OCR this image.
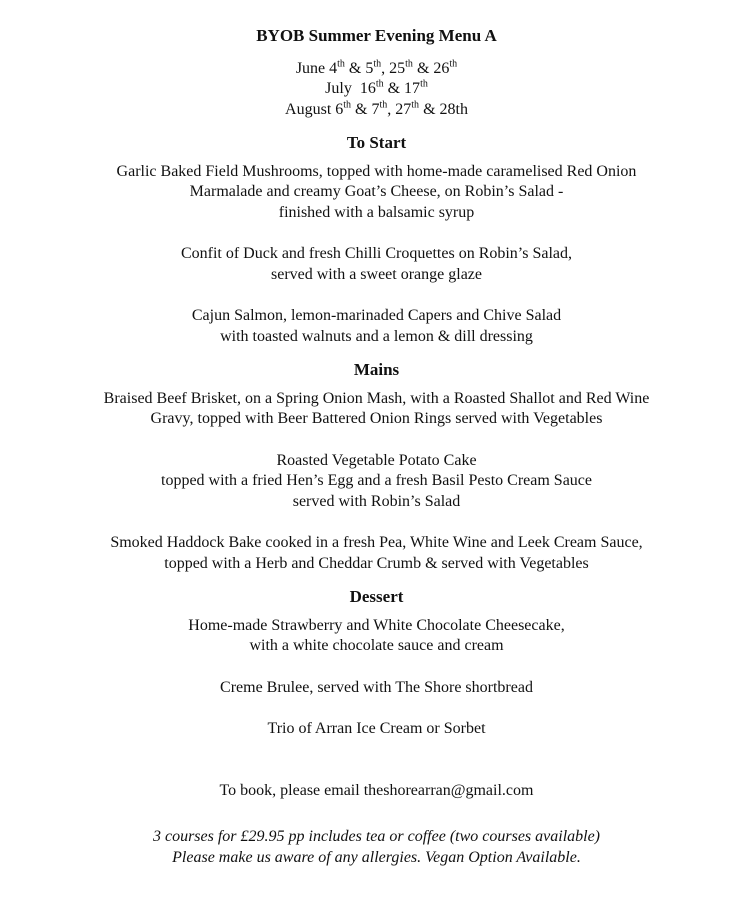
BYOB Summer Evening Menu A
June 4th & 5th, 25th & 26th
July  16th & 17th
August 6th & 7th, 27th & 28th
To Start
Garlic Baked Field Mushrooms, topped with home-made caramelised Red Onion
Marmalade and creamy Goat’s Cheese, on Robin’s Salad -
finished with a balsamic syrup
Confit of Duck and fresh Chilli Croquettes on Robin’s Salad,
served with a sweet orange glaze
Cajun Salmon, lemon-marinaded Capers and Chive Salad
with toasted walnuts and a lemon & dill dressing
Mains
Braised Beef Brisket, on a Spring Onion Mash, with a Roasted Shallot and Red Wine
Gravy, topped with Beer Battered Onion Rings served with Vegetables
Roasted Vegetable Potato Cake
topped with a fried Hen’s Egg and a fresh Basil Pesto Cream Sauce
served with Robin’s Salad
Smoked Haddock Bake cooked in a fresh Pea, White Wine and Leek Cream Sauce,
topped with a Herb and Cheddar Crumb & served with Vegetables
Dessert
Home-made Strawberry and White Chocolate Cheesecake,
with a white chocolate sauce and cream
Creme Brulee, served with The Shore shortbread
Trio of Arran Ice Cream or Sorbet
To book, please email theshorearran@gmail.com
3 courses for £29.95 pp includes tea or coffee (two courses available)
Please make us aware of any allergies. Vegan Option Available.
